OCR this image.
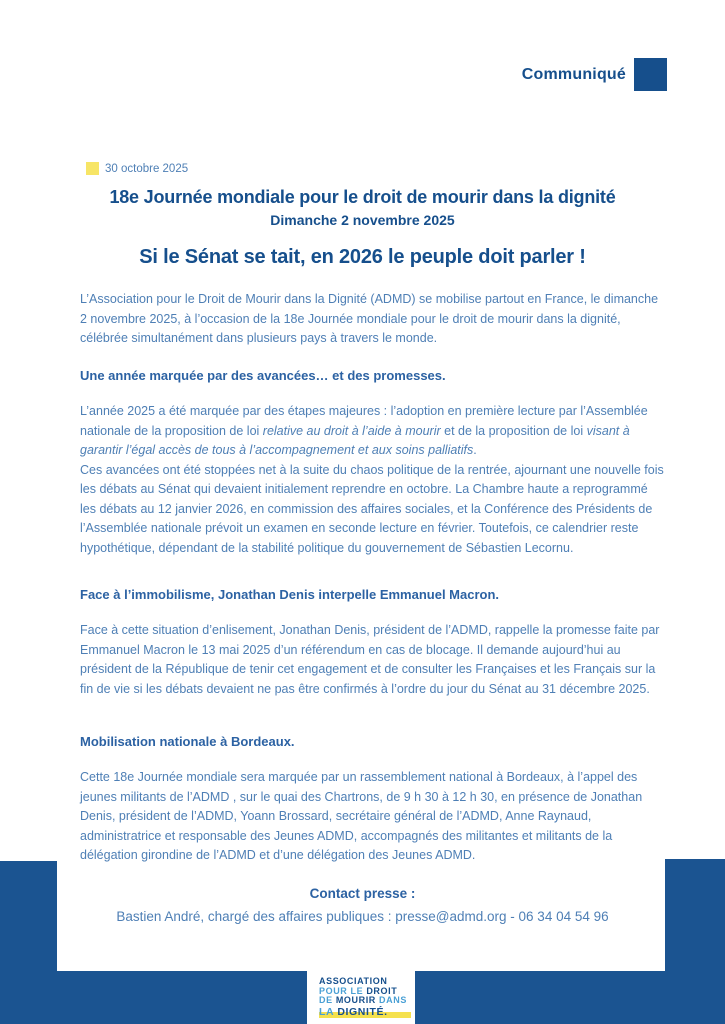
Communiqué
30 octobre 2025
18e Journée mondiale pour le droit de mourir dans la dignité
Dimanche 2 novembre 2025
Si le Sénat se tait, en 2026 le peuple doit parler !

L’Association pour le Droit de Mourir dans la Dignité (ADMD) se mobilise partout en France, le dimanche 2 novembre 2025, à l’occasion de la 18e Journée mondiale pour le droit de mourir dans la dignité, célébrée simultanément dans plusieurs pays à travers le monde.

Une année marquée par des avancées… et des promesses.

L’année 2025 a été marquée par des étapes majeures : l’adoption en première lecture par l’Assemblée nationale de la proposition de loi relative au droit à l’aide à mourir et de la proposition de loi visant à garantir l’égal accès de tous à l’accompagnement et aux soins palliatifs.
Ces avancées ont été stoppées net à la suite du chaos politique de la rentrée, ajournant une nouvelle fois les débats au Sénat qui devaient initialement reprendre en octobre. La Chambre haute a reprogrammé les débats au 12 janvier 2026, en commission des affaires sociales, et la Conférence des Présidents de l’Assemblée nationale prévoit un examen en seconde lecture en février. Toutefois, ce calendrier reste hypothétique, dépendant de la stabilité politique du gouvernement de Sébastien Lecornu.

Face à l’immobilisme, Jonathan Denis interpelle Emmanuel Macron.

Face à cette situation d’enlisement, Jonathan Denis, président de l’ADMD, rappelle la promesse faite par Emmanuel Macron le 13 mai 2025 d’un référendum en cas de blocage. Il demande aujourd’hui au président de la République de tenir cet engagement et de consulter les Françaises et les Français sur la fin de vie si les débats devaient ne pas être confirmés à l’ordre du jour du Sénat au 31 décembre 2025.

Mobilisation nationale à Bordeaux.

Cette 18e Journée mondiale sera marquée par un rassemblement national à Bordeaux, à l’appel des jeunes militants de l’ADMD , sur le quai des Chartrons, de 9 h 30 à 12 h 30, en présence de Jonathan Denis, président de l’ADMD, Yoann Brossard, secrétaire général de l’ADMD, Anne Raynaud, administratrice et responsable des Jeunes ADMD, accompagnés des militantes et militants de la délégation girondine de l’ADMD et d’une délégation des Jeunes ADMD.

Contact presse :

Bastien André, chargé des affaires publiques : presse@admd.org - 06 34 04 54 96

ASSOCIATION
POUR LE DROIT
DE MOURIR DANS
LA DIGNITÉ.
